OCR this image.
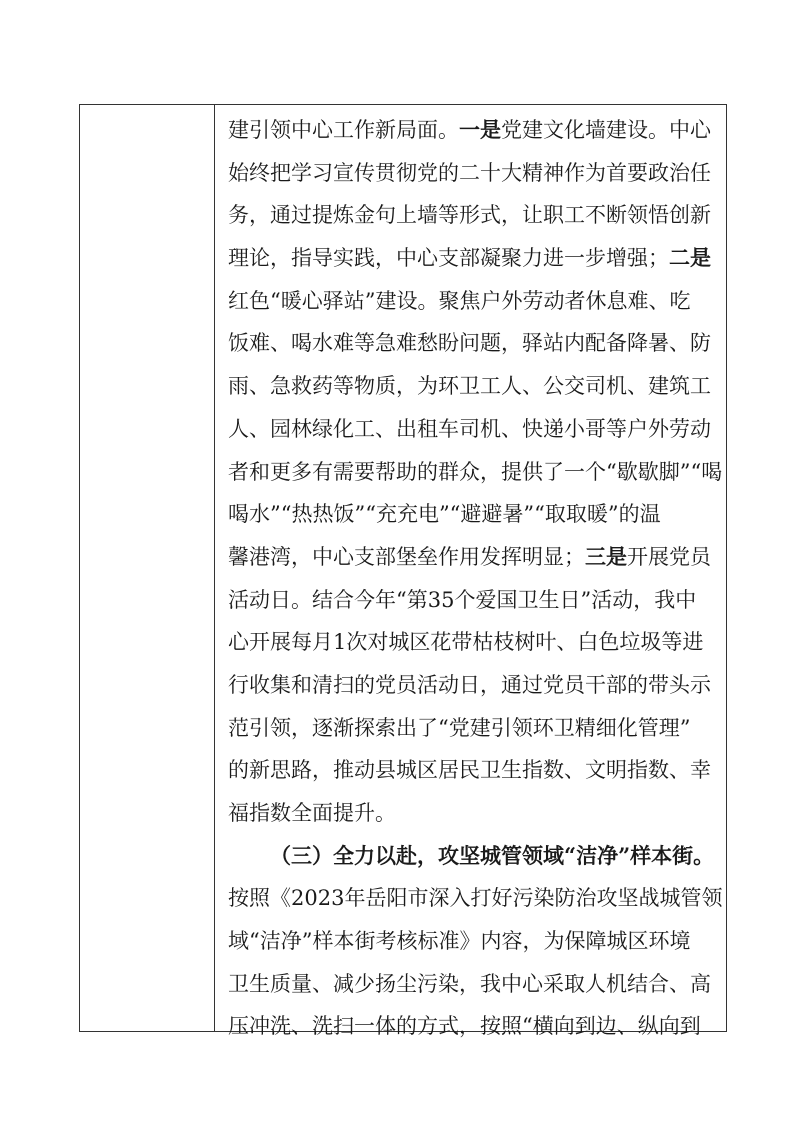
建引领中心工作新局面。一是党建文化墙建设。中心
始终把学习宣传贯彻党的二十大精神作为首要政治任
务，通过提炼金句上墙等形式，让职工不断领悟创新
理论，指导实践，中心支部凝聚力进一步增强；二是
红色“暖心驿站”建设。聚焦户外劳动者休息难、吃
饭难、喝水难等急难愁盼问题，驿站内配备降暑、防
雨、急救药等物质，为环卫工人、公交司机、建筑工
人、园林绿化工、出租车司机、快递小哥等户外劳动
者和更多有需要帮助的群众，提供了一个“歇歇脚”“喝
喝水”“热热饭”“充充电”“避避暑”“取取暖”的温
馨港湾，中心支部堡垒作用发挥明显；三是开展党员
活动日。结合今年“第35个爱国卫生日”活动，我中
心开展每月1次对城区花带枯枝树叶、白色垃圾等进
行收集和清扫的党员活动日，通过党员干部的带头示
范引领，逐渐探索出了“党建引领环卫精细化管理”
的新思路，推动县城区居民卫生指数、文明指数、幸
福指数全面提升。
（三）全力以赴，攻坚城管领域“洁净”样本街。
按照《2023年岳阳市深入打好污染防治攻坚战城管领
域“洁净”样本街考核标准》内容，为保障城区环境
卫生质量、减少扬尘污染，我中心采取人机结合、高
压冲洗、洗扫一体的方式，按照“横向到边、纵向到
